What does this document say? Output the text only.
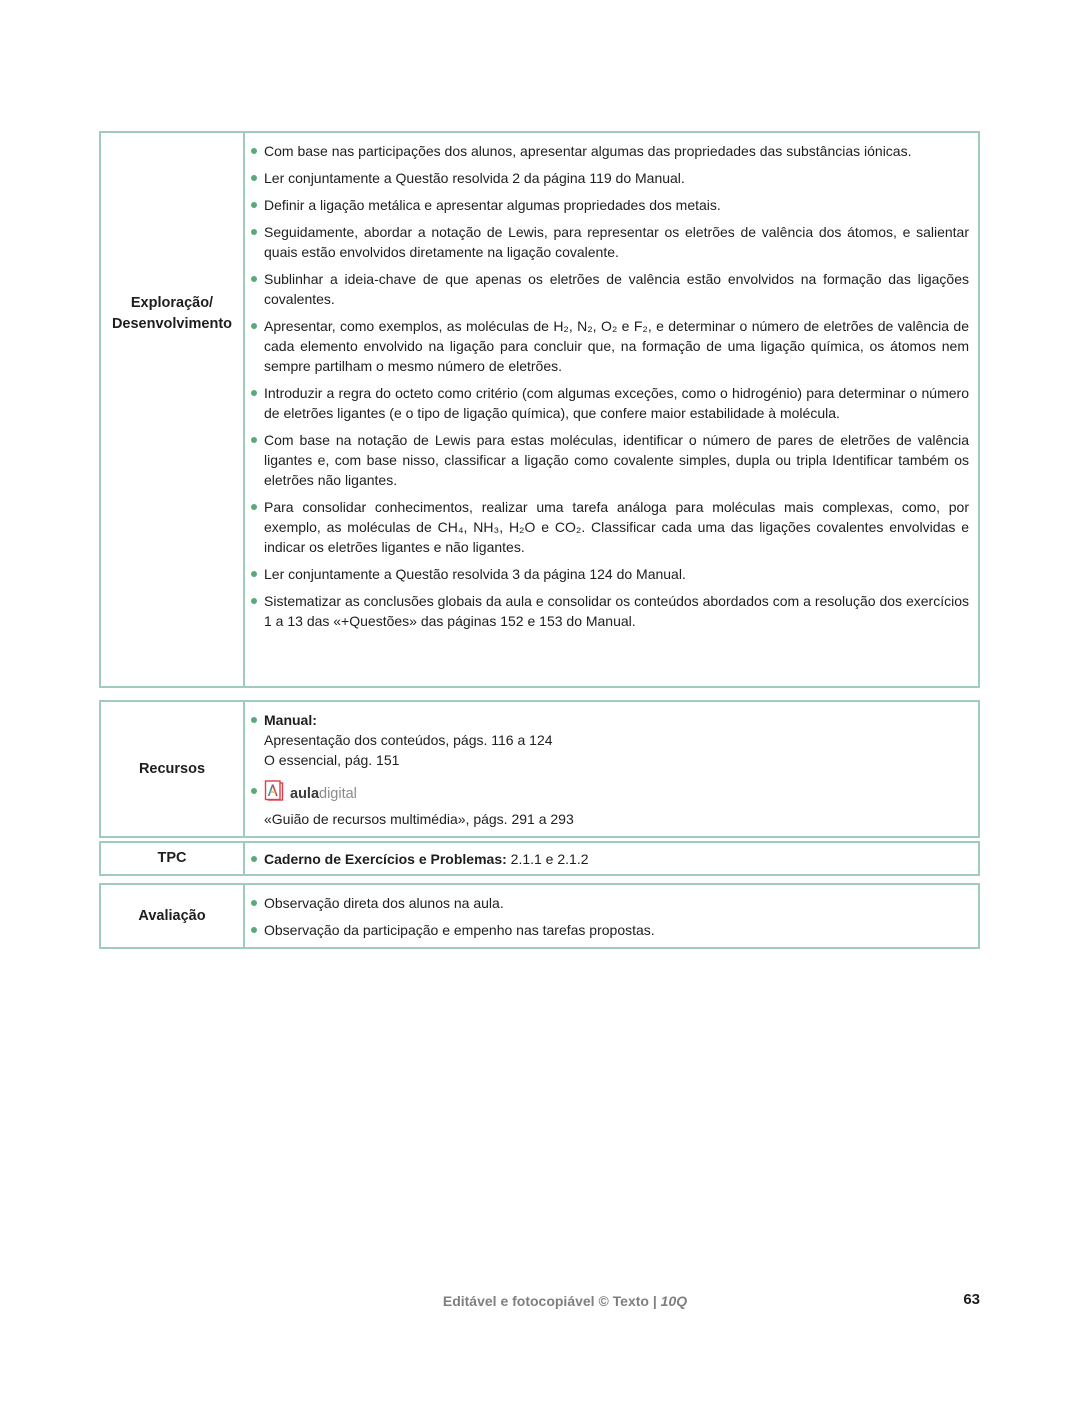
Exploração/
Desenvolvimento
Com base nas participações dos alunos, apresentar algumas das propriedades das substâncias iónicas.
Ler conjuntamente a Questão resolvida 2 da página 119 do Manual.
Definir a ligação metálica e apresentar algumas propriedades dos metais.
Seguidamente, abordar a notação de Lewis, para representar os eletrões de valência dos átomos, e salientar quais estão envolvidos diretamente na ligação covalente.
Sublinhar a ideia-chave de que apenas os eletrões de valência estão envolvidos na formação das ligações covalentes.
Apresentar, como exemplos, as moléculas de H₂, N₂, O₂ e F₂, e determinar o número de eletrões de valência de cada elemento envolvido na ligação para concluir que, na formação de uma ligação química, os átomos nem sempre partilham o mesmo número de eletrões.
Introduzir a regra do octeto como critério (com algumas exceções, como o hidrogénio) para determinar o número de eletrões ligantes (e o tipo de ligação química), que confere maior estabilidade à molécula.
Com base na notação de Lewis para estas moléculas, identificar o número de pares de eletrões de valência ligantes e, com base nisso, classificar a ligação como covalente simples, dupla ou tripla Identificar também os eletrões não ligantes.
Para consolidar conhecimentos, realizar uma tarefa análoga para moléculas mais complexas, como, por exemplo, as moléculas de CH₄, NH₃, H₂O e CO₂. Classificar cada uma das ligações covalentes envolvidas e indicar os eletrões ligantes e não ligantes.
Ler conjuntamente a Questão resolvida 3 da página 124 do Manual.
Sistematizar as conclusões globais da aula e consolidar os conteúdos abordados com a resolução dos exercícios 1 a 13 das «+Questões» das páginas 152 e 153 do Manual.
Recursos
Manual:
Apresentação dos conteúdos, págs. 116 a 124
O essencial, pág. 151
auladigital
«Guião de recursos multimédia», págs. 291 a 293
TPC	Caderno de Exercícios e Problemas: 2.1.1 e 2.1.2
Avaliação
Observação direta dos alunos na aula.
Observação da participação e empenho nas tarefas propostas.
Editável e fotocopiável © Texto | 10Q	63
